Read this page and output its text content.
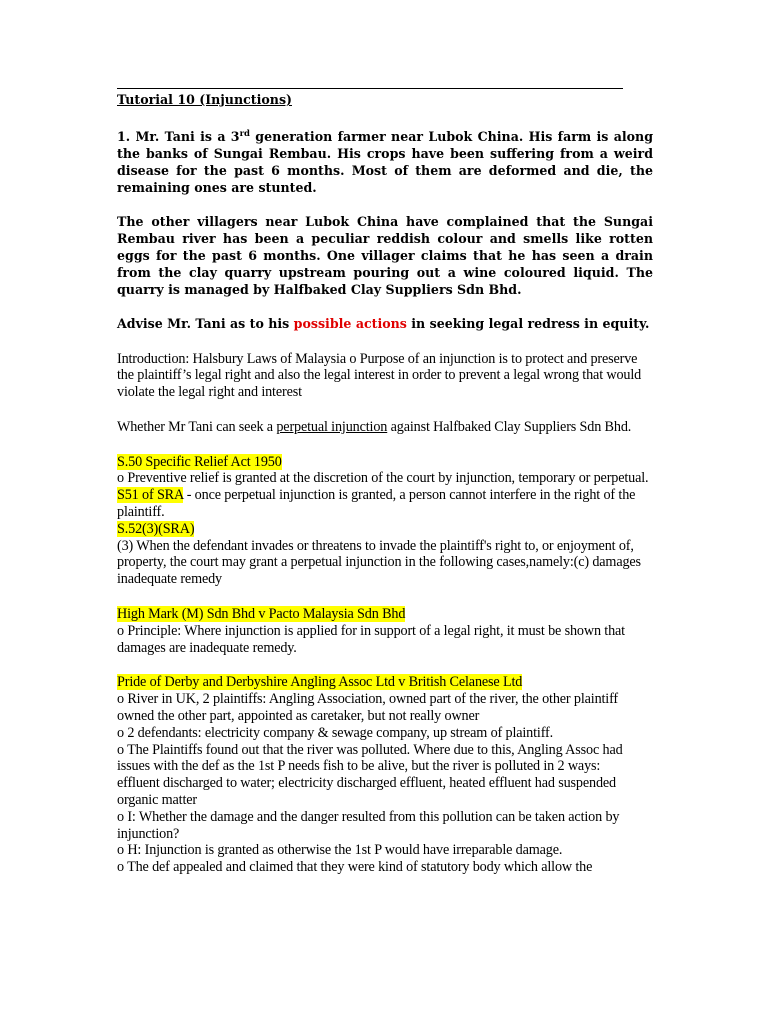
Tutorial 10 (Injunctions)

1. Mr. Tani is a 3rd generation farmer near Lubok China. His farm is along the banks of Sungai Rembau. His crops have been suffering from a weird disease for the past 6 months. Most of them are deformed and die, the remaining ones are stunted.

The other villagers near Lubok China have complained that the Sungai Rembau river has been a peculiar reddish colour and smells like rotten eggs for the past 6 months. One villager claims that he has seen a drain from the clay quarry upstream pouring out a wine coloured liquid. The quarry is managed by Halfbaked Clay Suppliers Sdn Bhd.

Advise Mr. Tani as to his possible actions in seeking legal redress in equity.

Introduction: Halsbury Laws of Malaysia o Purpose of an injunction is to protect and preserve the plaintiff’s legal right and also the legal interest in order to prevent a legal wrong that would violate the legal right and interest

Whether Mr Tani can seek a perpetual injunction against Halfbaked Clay Suppliers Sdn Bhd.

S.50 Specific Relief Act 1950

o Preventive relief is granted at the discretion of the court by injunction, temporary or perpetual.

S51 of SRA - once perpetual injunction is granted, a person cannot interfere in the right of the plaintiff.

S.52(3)(SRA)

(3) When the defendant invades or threatens to invade the plaintiff's right to, or enjoyment of, property, the court may grant a perpetual injunction in the following cases,namely:(c) damages inadequate remedy

High Mark (M) Sdn Bhd v Pacto Malaysia Sdn Bhd

o Principle: Where injunction is applied for in support of a legal right, it must be shown that damages are inadequate remedy.

Pride of Derby and Derbyshire Angling Assoc Ltd v British Celanese Ltd

o River in UK, 2 plaintiffs: Angling Association, owned part of the river, the other plaintiff owned the other part, appointed as caretaker, but not really owner

o 2 defendants: electricity company & sewage company, up stream of plaintiff.

o The Plaintiffs found out that the river was polluted. Where due to this, Angling Assoc had issues with the def as the 1st P needs fish to be alive, but the river is polluted in 2 ways:

effluent discharged to water; electricity discharged effluent, heated effluent had suspended organic matter

o I: Whether the damage and the danger resulted from this pollution can be taken action by injunction?

o H: Injunction is granted as otherwise the 1st P would have irreparable damage.

o The def appealed and claimed that they were kind of statutory body which allow the
